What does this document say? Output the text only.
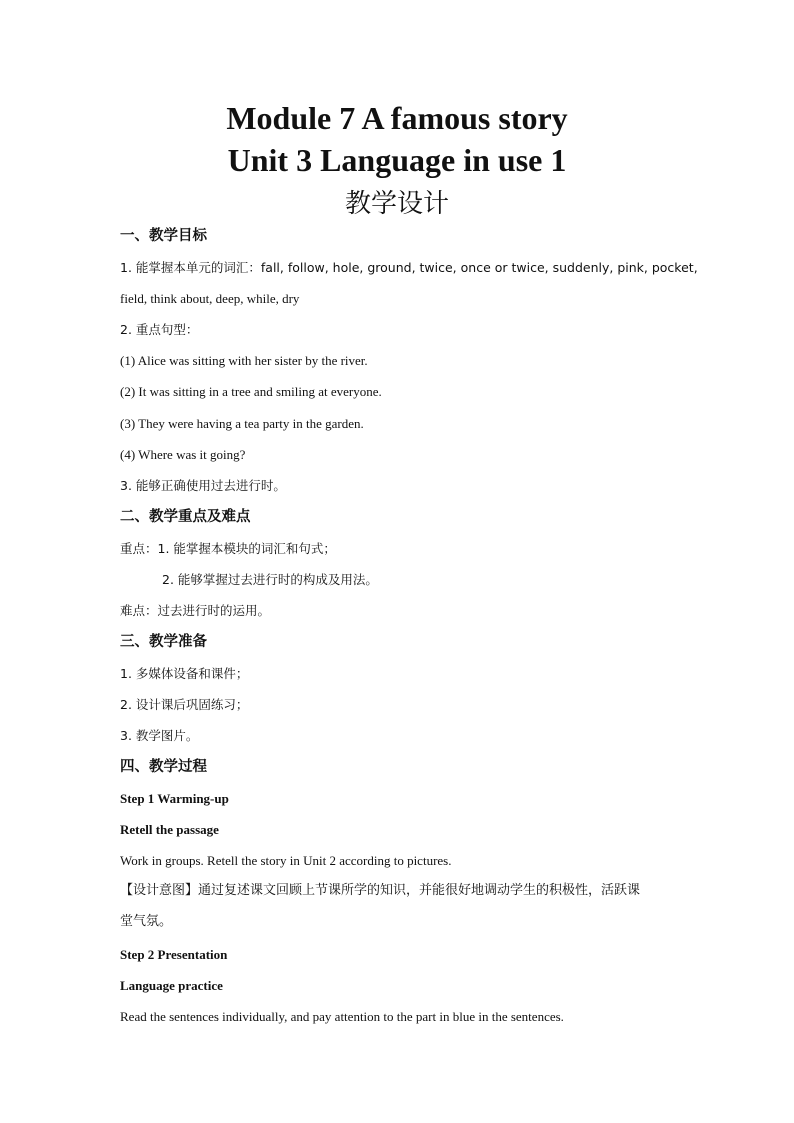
Module 7 A famous story
Unit 3 Language in use 1
教学设计
一、教学目标
1. 能掌握本单元的词汇：fall, follow, hole, ground, twice, once or twice, suddenly, pink, pocket,
field, think about, deep, while, dry
2. 重点句型：
(1) Alice was sitting with her sister by the river.
(2) It was sitting in a tree and smiling at everyone.
(3) They were having a tea party in the garden.
(4) Where was it going?
3. 能够正确使用过去进行时。
二、教学重点及难点
重点：1. 能掌握本模块的词汇和句式；
2. 能够掌握过去进行时的构成及用法。
难点：过去进行时的运用。
三、教学准备
1. 多媒体设备和课件；
2. 设计课后巩固练习；
3. 教学图片。
四、教学过程
Step 1 Warming-up
Retell the passage
Work in groups. Retell the story in Unit 2 according to pictures.
【设计意图】通过复述课文回顾上节课所学的知识，并能很好地调动学生的积极性，活跃课
堂气氛。
Step 2 Presentation
Language practice
Read the sentences individually, and pay attention to the part in blue in the sentences.
